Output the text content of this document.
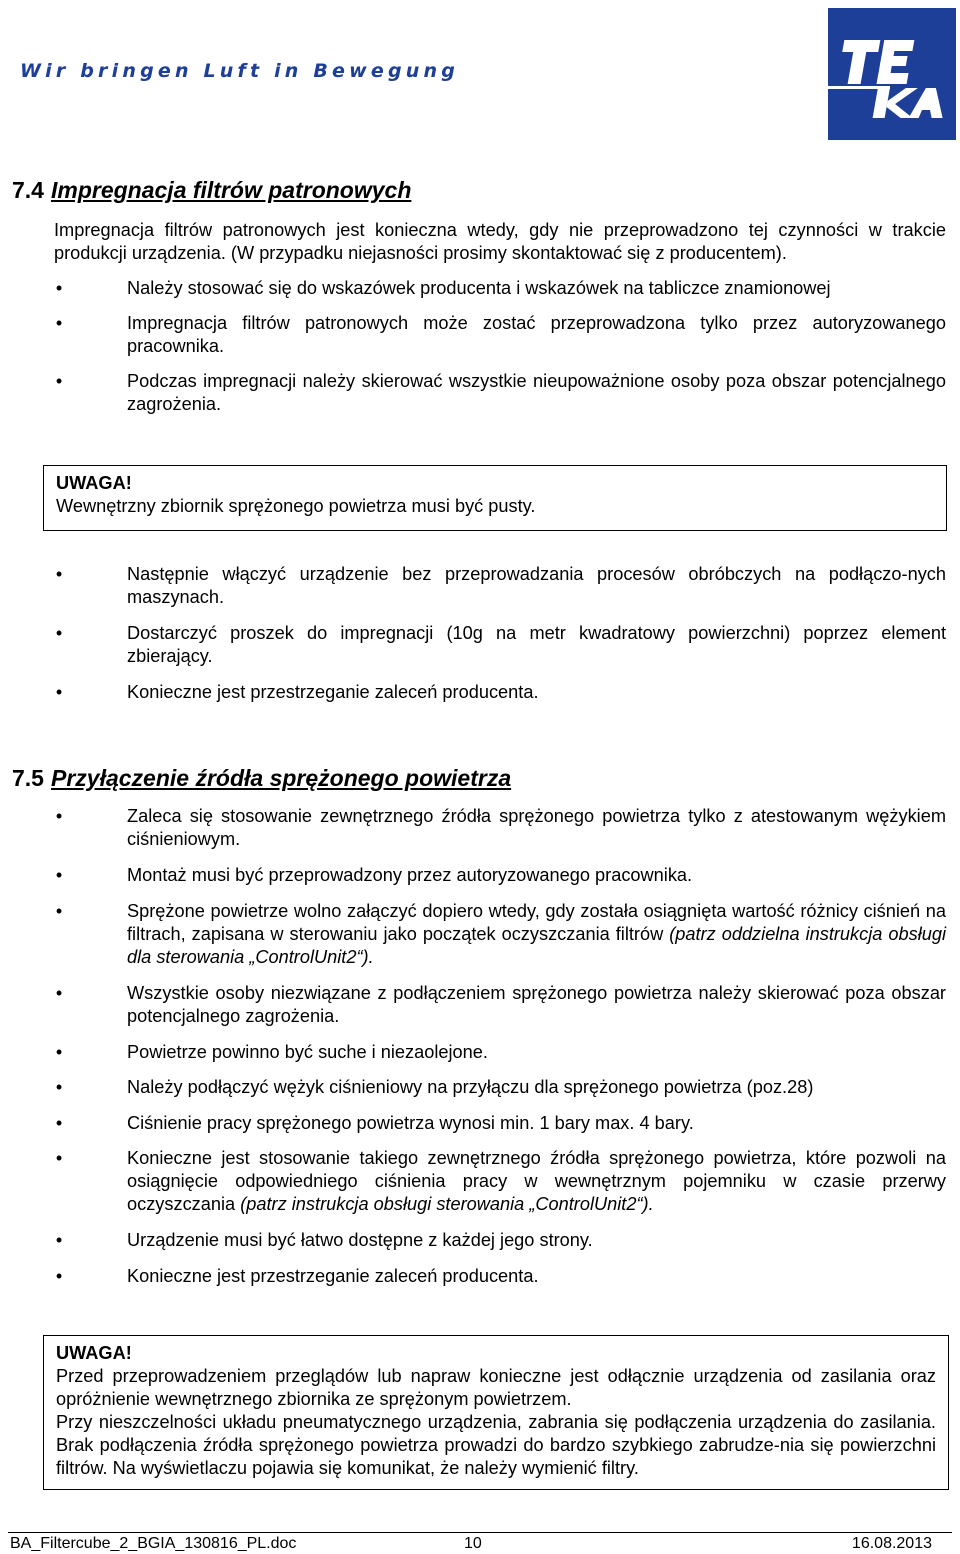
Wir bringen Luft in Bewegung
7.4 Impregnacja filtrów patronowych

Impregnacja filtrów patronowych jest konieczna wtedy, gdy nie przeprowadzono tej czynności w trakcie produkcji urządzenia. (W przypadku niejasności prosimy skontaktować się z producentem).

•	Należy stosować się do wskazówek producenta i wskazówek na tabliczce znamionowej
•	Impregnacja filtrów patronowych może zostać przeprowadzona tylko przez autoryzowanego pracownika.
•	Podczas impregnacji należy skierować wszystkie nieupoważnione osoby poza obszar potencjalnego zagrożenia.
UWAGA!
Wewnętrzny zbiornik sprężonego powietrza musi być pusty.
•	Następnie włączyć urządzenie bez przeprowadzania procesów obróbczych na podłączo-nych maszynach.
•	Dostarczyć proszek do impregnacji (10g na metr kwadratowy powierzchni) poprzez element zbierający.
•	Konieczne jest przestrzeganie zaleceń producenta.
7.5 Przyłączenie źródła sprężonego powietrza
•	Zaleca się stosowanie zewnętrznego źródła sprężonego powietrza tylko z atestowanym wężykiem ciśnieniowym.
•	Montaż musi być przeprowadzony przez autoryzowanego pracownika.
•	Sprężone powietrze wolno załączyć dopiero wtedy, gdy została osiągnięta wartość różnicy ciśnień na filtrach, zapisana w sterowaniu jako początek oczyszczania filtrów (patrz oddzielna instrukcja obsługi dla sterowania „ControlUnit2“).
•	Wszystkie osoby niezwiązane z podłączeniem sprężonego powietrza należy skierować poza obszar potencjalnego zagrożenia.
•	Powietrze powinno być suche i niezaolejone.
•	Należy podłączyć wężyk ciśnieniowy na przyłączu dla sprężonego powietrza (poz.28)
•	Ciśnienie pracy sprężonego powietrza wynosi min. 1 bary max. 4 bary.
•	Konieczne jest stosowanie takiego zewnętrznego źródła sprężonego powietrza, które pozwoli na osiągnięcie odpowiedniego ciśnienia pracy w wewnętrznym pojemniku w czasie przerwy oczyszczania (patrz instrukcja obsługi sterowania „ControlUnit2“).
•	Urządzenie musi być łatwo dostępne z każdej jego strony.
•	Konieczne jest przestrzeganie zaleceń producenta.
UWAGA!
Przed przeprowadzeniem przeglądów lub napraw konieczne jest odłącznie urządzenia od zasilania oraz opróżnienie wewnętrznego zbiornika ze sprężonym powietrzem.
Przy nieszczelności układu pneumatycznego urządzenia, zabrania się podłączenia urządzenia do zasilania. Brak podłączenia źródła sprężonego powietrza prowadzi do bardzo szybkiego zabrudze-nia się powierzchni filtrów. Na wyświetlaczu pojawia się komunikat, że należy wymienić filtry.
BA_Filtercube_2_BGIA_130816_PL.doc	10	16.08.2013
